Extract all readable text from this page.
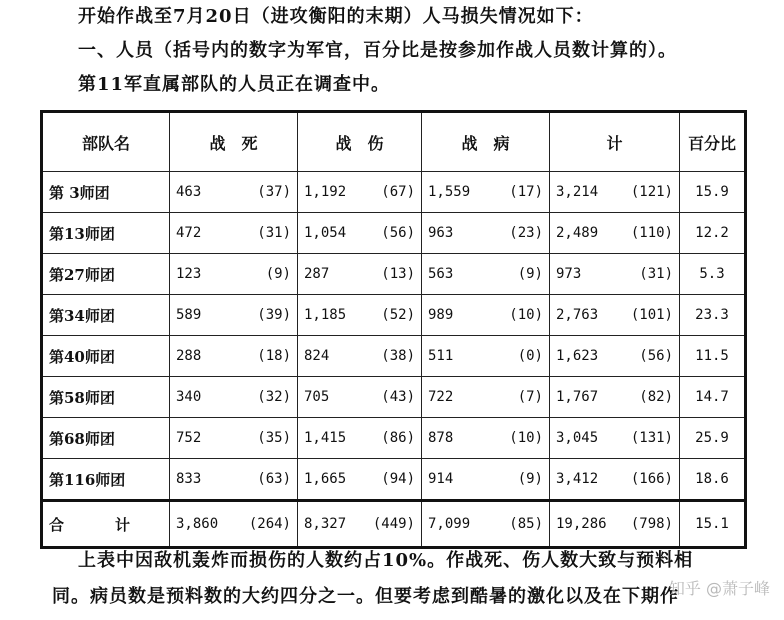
开始作战至7月20日（进攻衡阳的末期）人马损失情况如下：
一、人员（括号内的数字为军官，百分比是按参加作战人员数计算的）。
第11军直属部队的人员正在调查中。
部队名	战　死	战　伤	战　病	计	百分比
第 3师团	463 (37)	1,192 (67)	1,559 (17)	3,214 (121)	15.9
第13师团	472 (31)	1,054 (56)	963 (23)	2,489 (110)	12.2
第27师团	123 (9)	287 (13)	563 (9)	973 (31)	5.3
第34师团	589 (39)	1,185 (52)	989 (10)	2,763 (101)	23.3
第40师团	288 (18)	824 (38)	511 (0)	1,623 (56)	11.5
第58师团	340 (32)	705 (43)	722 (7)	1,767 (82)	14.7
第68师团	752 (35)	1,415 (86)	878 (10)	3,045 (131)	25.9
第116师团	833 (63)	1,665 (94)	914 (9)	3,412 (166)	18.6
合　计	3,860 (264)	8,327 (449)	7,099 (85)	19,286 (798)	15.1
上表中因敌机轰炸而损伤的人数约占10%。作战死、伤人数大致与预料相
同。病员数是预料数的大约四分之一。但要考虑到酷暑的激化以及在下期作
知乎 @萧子峰
